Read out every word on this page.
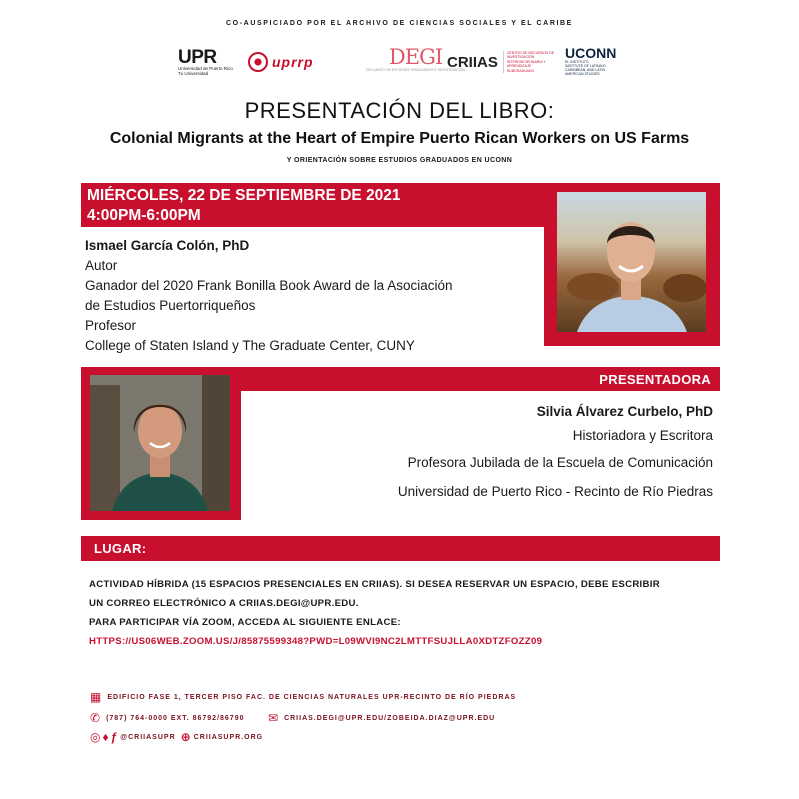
CO-AUSPICIADO POR EL ARCHIVO DE CIENCIAS SOCIALES Y EL CARIBE
UPR
Universidad de Puerto Rico
Tu Universidad
uprrp	DEGI
DECANATO DE ESTUDIOS GRADUADOS E INVESTIGACIÓN
CRIIAS
CENTRO DE RECURSOS DE INVESTIGACIÓN INTERDISCIPLINARIA Y APRENDIZAJE SUBGRADUADO
UCONN
EL INSTITUTO
INSTITUTE OF LATINA/O,
CARIBBEAN, AND LATIN
AMERICAN STUDIES
PRESENTACIÓN DEL LIBRO:
Colonial Migrants at the Heart of Empire Puerto Rican Workers on US Farms
Y ORIENTACIÓN SOBRE ESTUDIOS GRADUADOS EN UCONN
MIÉRCOLES, 22 DE SEPTIEMBRE DE 2021
4:00PM-6:00PM
Ismael García Colón, PhD
Autor
Ganador del 2020 Frank Bonilla Book Award de la Asociación
de Estudios Puertorriqueños
Profesor
College of Staten Island y The Graduate Center, CUNY
PRESENTADORA
Silvia Álvarez Curbelo, PhD
Historiadora y Escritora
Profesora Jubilada de la Escuela de Comunicación
Universidad de Puerto Rico - Recinto de Río Piedras
LUGAR:
ACTIVIDAD HÍBRIDA (15 ESPACIOS PRESENCIALES EN CRIIAS). SI DESEA RESERVAR UN ESPACIO, DEBE ESCRIBIR
UN CORREO ELECTRÓNICO A CRIIAS.DEGI@UPR.EDU.
PARA PARTICIPAR VÍA ZOOM, ACCEDA AL SIGUIENTE ENLACE:
HTTPS://US06WEB.ZOOM.US/J/85875599348?PWD=L09WVI9NC2LMTTFSUJLLA0XDTZFOZZ09
▦ EDIFICIO FASE 1, TERCER PISO FAC. DE CIENCIAS NATURALES UPR-RECINTO DE RÍO PIEDRAS
✆ (787) 764-0000 EXT. 86792/86790 ✉ CRIIAS.DEGI@UPR.EDU/ZOBEIDA.DIAZ@UPR.EDU
◎ ♦ ƒ @CRIIASUPR ⊕ CRIIASUPR.ORG
